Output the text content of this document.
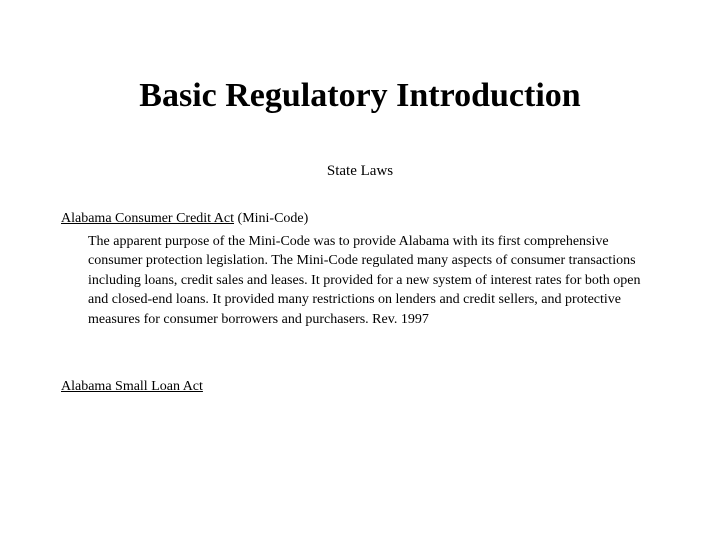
Basic Regulatory Introduction

State Laws

Alabama Consumer Credit Act (Mini-Code)

The apparent purpose of the Mini-Code was to provide Alabama with its first comprehensive consumer protection legislation. The Mini-Code regulated many aspects of consumer transactions including loans, credit sales and leases. It provided for a new system of interest rates for both open and closed-end loans. It provided many restrictions on lenders and credit sellers, and protective measures for consumer borrowers and purchasers. Rev. 1997

Alabama Small Loan Act
